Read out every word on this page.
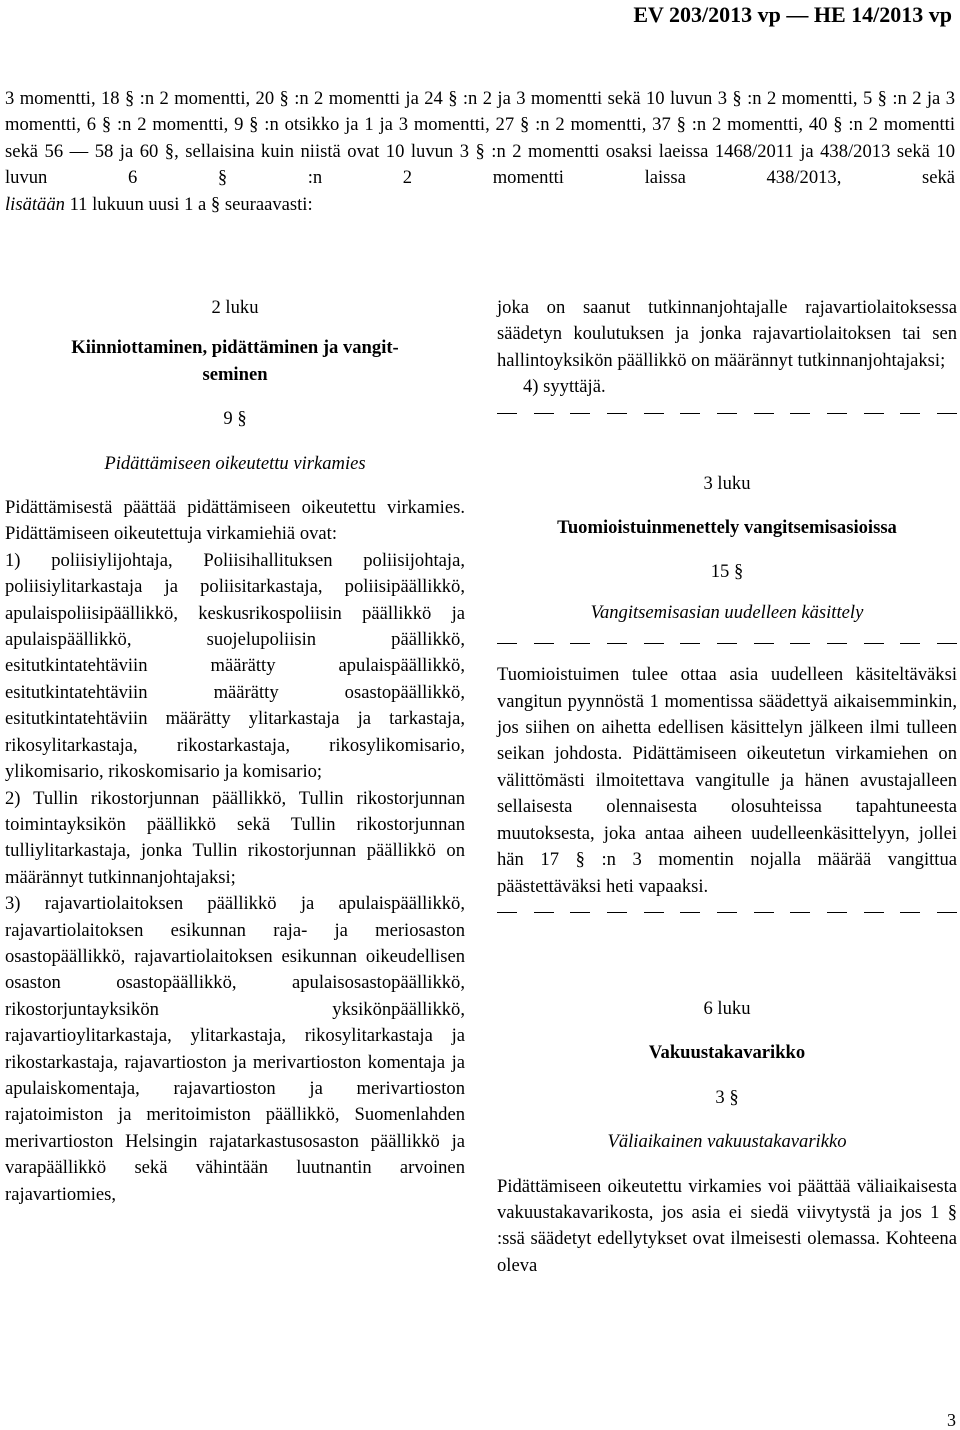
EV 203/2013 vp — HE 14/2013 vp

3 momentti, 18 § :n 2 momentti, 20 § :n 2 momentti ja 24 § :n 2 ja 3 momentti sekä 10 luvun 3 § :n 2 momentti, 5 § :n 2 ja 3 momentti, 6 § :n 2 momentti, 9 § :n otsikko ja 1 ja 3 momentti, 27 § :n 2 momentti, 37 § :n 2 momentti, 40 § :n 2 momentti sekä 56 — 58 ja 60 §, sellaisina kuin niistä ovat 10 luvun 3 § :n 2 momentti osaksi laeissa 1468/2011 ja 438/2013 sekä 10 luvun 6 § :n 2 momentti laissa 438/2013, sekä

lisätään 11 lukuun uusi 1 a § seuraavasti:

2 luku
Kiinniottaminen, pidättäminen ja vangit-
seminen
9 §
Pidättämiseen oikeutettu virkamies

Pidättämisestä päättää pidättämiseen oikeutettu virkamies. Pidättämiseen oikeutettuja virkamiehiä ovat:

1) poliisiylijohtaja, Poliisihallituksen poliisijohtaja, poliisiylitarkastaja ja poliisitarkastaja, poliisipäällikkö, apulaispoliisipäällikkö, keskusrikospoliisin päällikkö ja apulaispäällikkö, suojelupoliisin päällikkö, esitutkintatehtäviin määrätty apulaispäällikkö, esitutkintatehtäviin määrätty osastopäällikkö, esitutkintatehtäviin määrätty ylitarkastaja ja tarkastaja, rikosylitarkastaja, rikostarkastaja, rikosylikomisario, ylikomisario, rikoskomisario ja komisario;

2) Tullin rikostorjunnan päällikkö, Tullin rikostorjunnan toimintayksikön päällikkö sekä Tullin rikostorjunnan tulliylitarkastaja, jonka Tullin rikostorjunnan päällikkö on määrännyt tutkinnanjohtajaksi;

3) rajavartiolaitoksen päällikkö ja apulaispäällikkö, rajavartiolaitoksen esikunnan raja- ja meriosaston osastopäällikkö, rajavartiolaitoksen esikunnan oikeudellisen osaston osastopäällikkö, apulaisosastopäällikkö, rikostorjuntayksikön yksikönpäällikkö, rajavartioylitarkastaja, ylitarkastaja, rikosylitarkastaja ja rikostarkastaja, rajavartioston ja merivartioston komentaja ja apulaiskomentaja, rajavartioston ja merivartioston rajatoimiston ja meritoimiston päällikkö, Suomenlahden merivartioston Helsingin rajatarkastusosaston päällikkö ja varapäällikkö sekä vähintään luutnantin arvoinen rajavartiomies,

joka on saanut tutkinnanjohtajalle rajavartiolaitoksessa säädetyn koulutuksen ja jonka rajavartiolaitoksen tai sen hallintoyksikön päällikkö on määrännyt tutkinnanjohtajaksi;

4) syyttäjä.

3 luku
Tuomioistuinmenettely vangitsemisasioissa
15 §
Vangitsemisasian uudelleen käsittely

Tuomioistuimen tulee ottaa asia uudelleen käsiteltäväksi vangitun pyynnöstä 1 momentissa säädettyä aikaisemminkin, jos siihen on aihetta edellisen käsittelyn jälkeen ilmi tulleen seikan johdosta. Pidättämiseen oikeutetun virkamiehen on välittömästi ilmoitettava vangitulle ja hänen avustajalleen sellaisesta olennaisesta olosuhteissa tapahtuneesta muutoksesta, joka antaa aiheen uudelleenkäsittelyyn, jollei hän 17 § :n 3 momentin nojalla määrää vangittua päästettäväksi heti vapaaksi.

6 luku
Vakuustakavarikko
3 §
Väliaikainen vakuustakavarikko

Pidättämiseen oikeutettu virkamies voi päättää väliaikaisesta vakuustakavarikosta, jos asia ei siedä viivytystä ja jos 1 § :ssä säädetyt edellytykset ovat ilmeisesti olemassa. Kohteena oleva

3
